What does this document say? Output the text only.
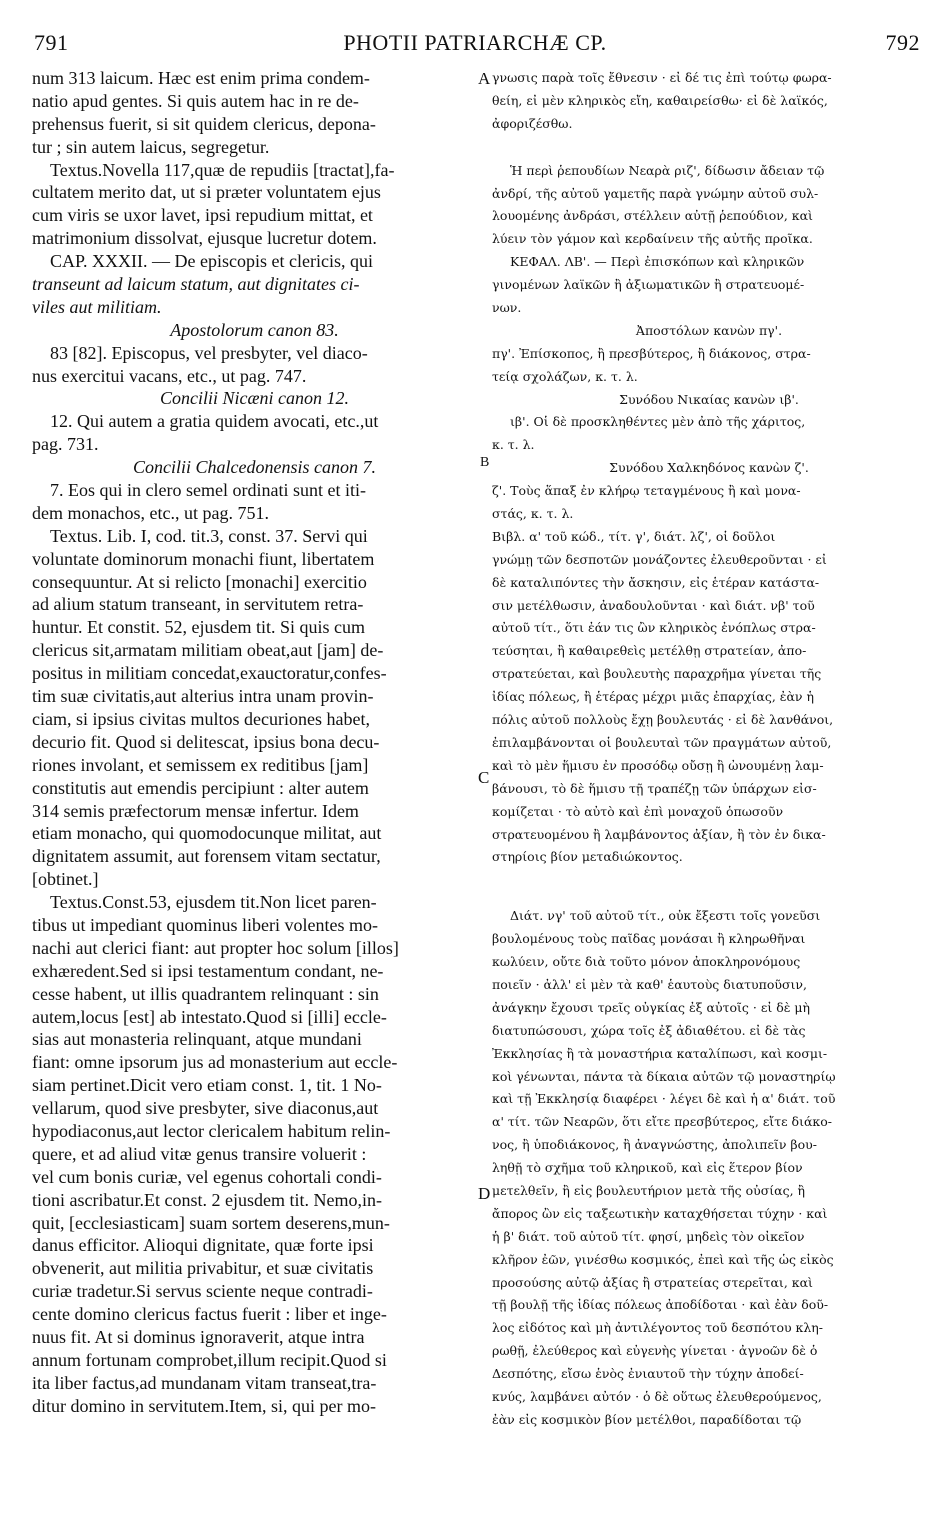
791	PHOTII PATRIARCHÆ CP.	792
A
B
C
D
num 313 laicum. Hæc est enim prima condem-
natio apud gentes. Si quis autem hac in re de-
prehensus fuerit, si sit quidem clericus, depona-
tur ; sin autem laicus, segregetur.
Textus.Novella 117,quæ de repudiis [tractat],fa-
cultatem merito dat, ut si præter voluntatem ejus
cum viris se uxor lavet, ipsi repudium mittat, et
matrimonium dissolvat, ejusque lucretur dotem.
CAP. XXXII. — De episcopis et clericis, qui
transeunt ad laicum statum, aut dignitates ci-
viles aut militiam.
Apostolorum canon 83.
83 [82]. Episcopus, vel presbyter, vel diaco-
nus exercitui vacans, etc., ut pag. 747.
Concilii Nicæni canon 12.
12. Qui autem a gratia quidem avocati, etc.,ut
pag. 731.
Concilii Chalcedonensis canon 7.
7. Eos qui in clero semel ordinati sunt et iti-
dem monachos, etc., ut pag. 751.
Textus. Lib. I, cod. tit.3, const. 37. Servi qui
voluntate dominorum monachi fiunt, libertatem
consequuntur. At si relicto [monachi] exercitio
ad alium statum transeant, in servitutem retra-
huntur. Et constit. 52, ejusdem tit. Si quis cum
clericus sit,armatam militiam obeat,aut [jam] de-
positus in militiam concedat,exauctoratur,confes-
tim suæ civitatis,aut alterius intra unam provin-
ciam, si ipsius civitas multos decuriones habet,
decurio fit. Quod si delitescat, ipsius bona decu-
riones involant, et semissem ex reditibus [jam]
constitutis aut emendis percipiunt : alter autem
314 semis præfectorum mensæ infertur. Idem
etiam monacho, qui quomodocunque militat, aut
dignitatem assumit, aut forensem vitam sectatur,
[obtinet.]
Textus.Const.53, ejusdem tit.Non licet paren-
tibus ut impediant quominus liberi volentes mo-
nachi aut clerici fiant: aut propter hoc solum [illos]
exhæredent.Sed si ipsi testamentum condant, ne-
cesse habent, ut illis quadrantem relinquant : sin
autem,locus [est] ab intestato.Quod si [illi] eccle-
sias aut monasteria relinquant, atque mundani
fiant: omne ipsorum jus ad monasterium aut eccle-
siam pertinet.Dicit vero etiam const. 1, tit. 1 No-
vellarum, quod sive presbyter, sive diaconus,aut
hypodiaconus,aut lector clericalem habitum relin-
quere, et ad aliud vitæ genus transire voluerit :
vel cum bonis curiæ, vel egenus cohortali condi-
tioni ascribatur.Et const. 2 ejusdem tit. Nemo,in-
quit, [ecclesiasticam] suam sortem deserens,mun-
danus efficitor. Alioqui dignitate, quæ forte ipsi
obvenerit, aut militia privabitur, et suæ civitatis
curiæ tradetur.Si servus sciente neque contradi-
cente domino clericus factus fuerit : liber et inge-
nuus fit. At si dominus ignoraverit, atque intra
annum fortunam comprobet,illum recipit.Quod si
ita liber factus,ad mundanam vitam transeat,tra-
ditur domino in servitutem.Item, si, qui per mo-
γνωσις παρὰ τοῖς ἔθνεσιν · εἰ δέ τις ἐπὶ τούτῳ φωρα-
θείη, εἰ μὲν κληρικὸς εἴη, καθαιρείσθω· εἰ δὲ λαϊκός,
ἀφοριζέσθω.
Ἡ περὶ ῥεπουδίων Νεαρὰ ριζ', δίδωσιν ἄδειαν τῷ
ἀνδρί, τῆς αὐτοῦ γαμετῆς παρὰ γνώμην αὐτοῦ συλ-
λουομένης ἀνδράσι, στέλλειν αὐτῇ ῥεπούδιον, καὶ
λύειν τὸν γάμον καὶ κερδαίνειν τῆς αὐτῆς προῖκα.
ΚΕΦΑΛ. ΛΒ'. — Περὶ ἐπισκόπων καὶ κληρικῶν
γινομένων λαϊκῶν ἢ ἀξιωματικῶν ἢ στρατευομέ-
νων.
Ἀποστόλων κανὼν πγ'.
πγ'. Ἐπίσκοπος, ἢ πρεσβύτερος, ἢ διάκονος, στρα-
τείᾳ σχολάζων, κ. τ. λ.
Συνόδου Νικαίας κανὼν ιβ'.
ιβ'. Οἱ δὲ προσκληθέντες μὲν ἀπὸ τῆς χάριτος,
κ. τ. λ.
Συνόδου Χαλκηδόνος κανὼν ζ'.
ζ'. Τοὺς ἅπαξ ἐν κλήρῳ τεταγμένους ἢ καὶ μονα-
στάς, κ. τ. λ.
Βιβλ. α' τοῦ κώδ., τίτ. γ', διάτ. λζ', οἱ δοῦλοι
γνώμῃ τῶν δεσποτῶν μονάζοντες ἐλευθεροῦνται · εἰ
δὲ καταλιπόντες τὴν ἄσκησιν, εἰς ἑτέραν κατάστα-
σιν μετέλθωσιν, ἀναδουλοῦνται · καὶ διάτ. νβ' τοῦ
αὐτοῦ τίτ., ὅτι ἐάν τις ὢν κληρικὸς ἐνόπλως στρα-
τεύσηται, ἢ καθαιρεθεὶς μετέλθῃ στρατείαν, ἀπο-
στρατεύεται, καὶ βουλευτὴς παραχρῆμα γίνεται τῆς
ἰδίας πόλεως, ἢ ἑτέρας μέχρι μιᾶς ἐπαρχίας, ἐὰν ἡ
πόλις αὐτοῦ πολλοὺς ἔχῃ βουλευτάς · εἰ δὲ λανθάνοι,
ἐπιλαμβάνονται οἱ βουλευταὶ τῶν πραγμάτων αὐτοῦ,
καὶ τὸ μὲν ἥμισυ ἐν προσόδῳ οὔσῃ ἢ ὠνουμένῃ λαμ-
βάνουσι, τὸ δὲ ἥμισυ τῇ τραπέζῃ τῶν ὑπάρχων εἰσ-
κομίζεται · τὸ αὐτὸ καὶ ἐπὶ μοναχοῦ ὁπωσοῦν
στρατευομένου ἢ λαμβάνοντος ἀξίαν, ἢ τὸν ἐν δικα-
στηρίοις βίον μεταδιώκοντος.
Διάτ. νγ' τοῦ αὐτοῦ τίτ., οὐκ ἔξεστι τοῖς γονεῦσι
βουλομένους τοὺς παῖδας μονάσαι ἢ κληρωθῆναι
κωλύειν, οὔτε διὰ τοῦτο μόνον ἀποκληρονόμους
ποιεῖν · ἀλλ' εἰ μὲν τὰ καθ' ἑαυτοὺς διατυποῦσιν,
ἀνάγκην ἔχουσι τρεῖς οὐγκίας ἐξ αὐτοῖς · εἰ δὲ μὴ
διατυπώσουσι, χώρα τοῖς ἐξ ἀδιαθέτου. εἰ δὲ τὰς
Ἐκκλησίας ἢ τὰ μοναστήρια καταλίπωσι, καὶ κοσμι-
κοὶ γένωνται, πάντα τὰ δίκαια αὐτῶν τῷ μοναστηρίῳ
καὶ τῇ Ἐκκλησίᾳ διαφέρει · λέγει δὲ καὶ ἡ α' διάτ. τοῦ
α' τίτ. τῶν Νεαρῶν, ὅτι εἴτε πρεσβύτερος, εἴτε διάκο-
νος, ἢ ὑποδιάκονος, ἢ ἀναγνώστης, ἀπολιπεῖν βου-
ληθῇ τὸ σχῆμα τοῦ κληρικοῦ, καὶ εἰς ἕτερον βίον
μετελθεῖν, ἢ εἰς βουλευτήριον μετὰ τῆς οὐσίας, ἢ
ἄπορος ὢν εἰς ταξεωτικὴν καταχθήσεται τύχην · καὶ
ἡ β' διάτ. τοῦ αὐτοῦ τίτ. φησί, μηδεὶς τὸν οἰκεῖον
κλῆρον ἐῶν, γινέσθω κοσμικός, ἐπεὶ καὶ τῆς ὡς εἰκὸς
προσούσης αὐτῷ ἀξίας ἢ στρατείας στερεῖται, καὶ
τῇ βουλῇ τῆς ἰδίας πόλεως ἀποδίδοται · καὶ ἐὰν δοῦ-
λος εἰδότος καὶ μὴ ἀντιλέγοντος τοῦ δεσπότου κλη-
ρωθῇ, ἐλεύθερος καὶ εὐγενὴς γίνεται · ἀγνοῶν δὲ ὁ
Δεσπότης, εἴσω ἑνὸς ἐνιαυτοῦ τὴν τύχην ἀποδεί-
κνύς, λαμβάνει αὐτόν · ὁ δὲ οὕτως ἐλευθερούμενος,
ἐὰν εἰς κοσμικὸν βίον μετέλθοι, παραδίδοται τῷ
